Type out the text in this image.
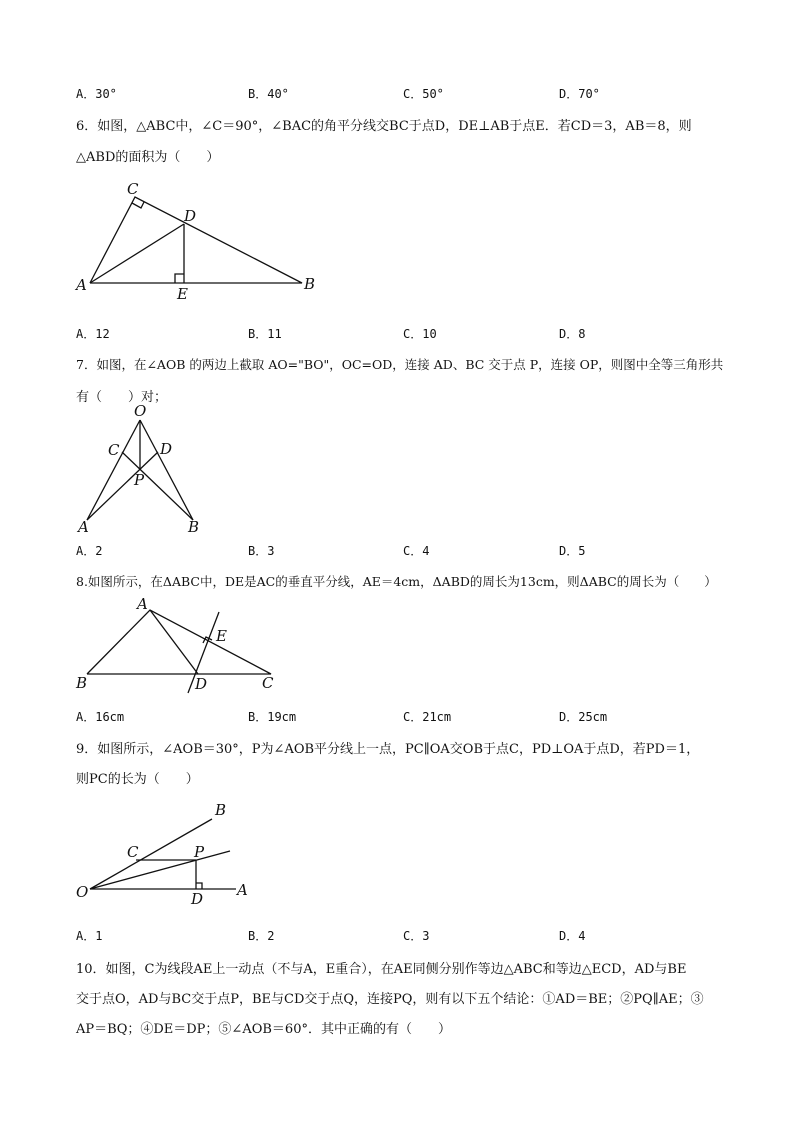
A．30°	B．40°	C．50°	D．70°
6．如图，△ABC中，∠C＝90°，∠BAC的角平分线交BC于点D，DE⊥AB于点E．若CD＝3，AB＝8，则
△ABD的面积为（　　）
C
D
A	E
B
A．12	B．11	C．10	D．8
7．如图，在∠AOB 的两边上截取 AO="BO"，OC=OD，连接 AD、BC 交于点 P，连接 OP，则图中全等三角形共
有（　　）对；
O
C	D
P
A	B
A．2	B．3	C．4	D．5
8.如图所示，在ΔABC中，DE是AC的垂直平分线，AE＝4cm，ΔABD的周长为13cm，则ΔABC的周长为（　　）
A
E
B	D	C
A．16cm	B．19cm	C．21cm	D．25cm
9．如图所示，∠AOB＝30°，P为∠AOB平分线上一点，PC∥OA交OB于点C，PD⊥OA于点D，若PD＝1，
则PC的长为（　　）
B
C	P
O	A
D
A．1	B．2	C．3	D．4
10．如图，C为线段AE上一动点（不与A，E重合），在AE同侧分别作等边△ABC和等边△ECD，AD与BE
交于点O，AD与BC交于点P，BE与CD交于点Q，连接PQ，则有以下五个结论：①AD＝BE；②PQ∥AE；③
AP＝BQ；④DE＝DP；⑤∠AOB＝60°．其中正确的有（　　）
